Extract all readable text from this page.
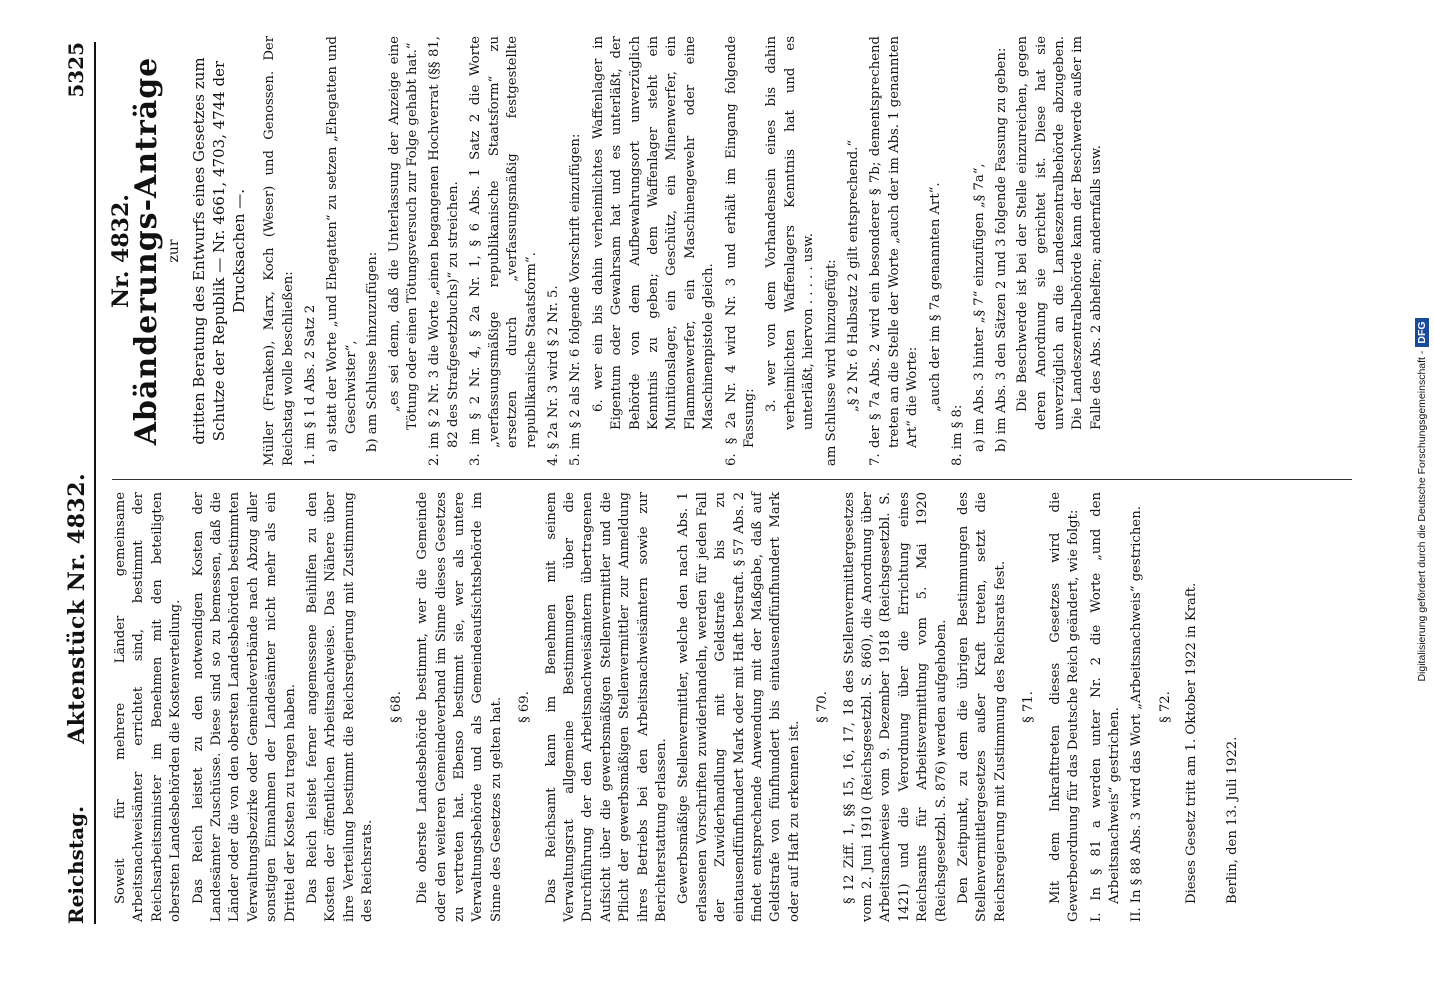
Reichstag.
Aktenstück Nr. 4832.
5325

Soweit für mehrere Länder gemeinsame Arbeitsnachweisämter errichtet sind, bestimmt der Reichsarbeitsminister im Benehmen mit den beteiligten obersten Landesbehörden die Kostenverteilung. Das Reich leistet zu den notwendigen Kosten der Landesämter Zuschüsse. Diese sind so zu bemessen, daß die Länder oder die von den obersten Landesbehörden bestimmten Verwaltungsbezirke oder Gemeindeverbände nach Abzug aller sonstigen Einnahmen der Landesämter nicht mehr als ein Drittel der Kosten zu tragen haben. Das Reich leistet ferner angemessene Beihilfen zu den Kosten der öffentlichen Arbeitsnachweise. Das Nähere über ihre Verteilung bestimmt die Reichsregierung mit Zustimmung des Reichsrats.

§ 68. Die oberste Landesbehörde bestimmt, wer die Gemeinde oder den weiteren Gemeindeverband im Sinne dieses Gesetzes zu vertreten hat. Ebenso bestimmt sie, wer als untere Verwaltungsbehörde und als Gemeindeaufsichtsbehörde im Sinne des Gesetzes zu gelten hat. § 69. Das Reichsamt kann im Benehmen mit seinem Verwaltungsrat allgemeine Bestimmungen über die Durchführung der den Arbeitsnachweisämtern übertragenen Aufsicht über die gewerbsmäßigen Stellenvermittler und die Pflicht der gewerbsmäßigen Stellenvermittler zur Anmeldung ihres Betriebs bei den Arbeitsnachweisämtern sowie zur Berichterstattung erlassen. Gewerbsmäßige Stellenvermittler, welche den nach Abs. 1 erlassenen Vorschriften zuwiderhandeln, werden für jeden Fall der Zuwiderhandlung mit Geldstrafe bis zu eintausendfünfhundert Mark oder mit Haft bestraft. § 57 Abs. 2 findet entsprechende Anwendung mit der Maßgabe, daß auf Geldstrafe von fünfhundert bis eintausendfünfhundert Mark oder auf Haft zu erkennen ist.

§ 70. § 12 Ziff. 1, §§ 15, 16, 17, 18 des Stellenvermittlergesetzes vom 2. Juni 1910 (Reichsgesetzbl. S. 860), die Anordnung über Arbeitsnachweise vom 9. Dezember 1918 (Reichsgesetzbl. S. 1421) und die Verordnung über die Errichtung eines Reichsamts für Arbeitsvermittlung vom 5. Mai 1920 (Reichsgesetzbl. S. 876) werden aufgehoben. Den Zeitpunkt, zu dem die übrigen Bestimmungen des Stellenvermittlergesetzes außer Kraft treten, setzt die Reichsregierung mit Zustimmung des Reichsrats fest. § 71. Mit dem Inkrafttreten dieses Gesetzes wird die Gewerbeordnung für das Deutsche Reich geändert, wie folgt: I. In § 81 a werden unter Nr. 2 die Worte „und den Arbeitsnachweis“ gestrichen. II. In § 88 Abs. 3 wird das Wort „Arbeitsnachweis“ gestrichen. § 72. Dieses Gesetz tritt am 1. Oktober 1922 in Kraft. Berlin, den 13. Juli 1922.

Nr. 4832.

Abänderungs-Anträge zur dritten Beratung des Entwurfs eines Gesetzes zum Schutze der Republik — Nr. 4661, 4703, 4744 der Drucksachen —. Müller (Franken), Marx, Koch (Weser) und Genossen. Der Reichstag wolle beschließen: 1. im § 1 d Abs. 2 Satz 2 a) statt der Worte „und Ehegatten“ zu setzen „Ehegatten und Geschwister“, b) am Schlusse hinzuzufügen: „es sei denn, daß die Unterlassung der Anzeige eine Tötung oder einen Tötungsversuch zur Folge gehabt hat.“ 2. im § 2 Nr. 3 die Worte „einen begangenen Hochverrat (§§ 81, 82 des Strafgesetzbuchs)“ zu streichen. 3. im § 2 Nr. 4, § 2a Nr. 1, § 6 Abs. 1 Satz 2 die Worte „verfassungsmäßige republikanische Staatsform“ zu ersetzen durch „verfassungsmäßig festgestellte republikanische Staatsform“. 4. § 2a Nr. 3 wird § 2 Nr. 5. 5. im § 2 als Nr. 6 folgende Vorschrift einzufügen: 6. wer ein bis dahin verheimlichtes Waffenlager in Eigentum oder Gewahrsam hat und es unterläßt, der Behörde von dem Aufbewahrungsort unverzüglich Kenntnis zu geben; dem Waffenlager steht ein Munitionslager, ein Geschütz, ein Minenwerfer, ein Flammenwerfer, ein Maschinengewehr oder eine Maschinenpistole gleich. 6. § 2a Nr. 4 wird Nr. 3 und erhält im Eingang folgende Fassung:

3. wer von dem Vorhandensein eines bis dahin verheimlichten Waffenlagers Kenntnis hat und es unterläßt, hiervon . . . . . usw. am Schlusse wird hinzugefügt: „§ 2 Nr. 6 Halbsatz 2 gilt entsprechend.“ 7. der § 7a Abs. 2 wird ein besonderer § 7b; dementsprechend treten an die Stelle der Worte „auch der im Abs. 1 genannten Art“ die Worte: „auch der im § 7a genannten Art“.

8. im § 8: a) im Abs. 3 hinter „§ 7“ einzufügen „§ 7a“, b) im Abs. 3 den Sätzen 2 und 3 folgende Fassung zu geben: Die Beschwerde ist bei der Stelle einzureichen, gegen deren Anordnung sie gerichtet ist. Diese hat sie unverzüglich an die Landeszentralbehörde abzugeben. Die Landeszentralbehörde kann der Beschwerde außer im Falle des Abs. 2 abhelfen; andernfalls usw.

Digitalisierung gefördert durch die Deutsche Forschungsgemeinschaft -DFG
